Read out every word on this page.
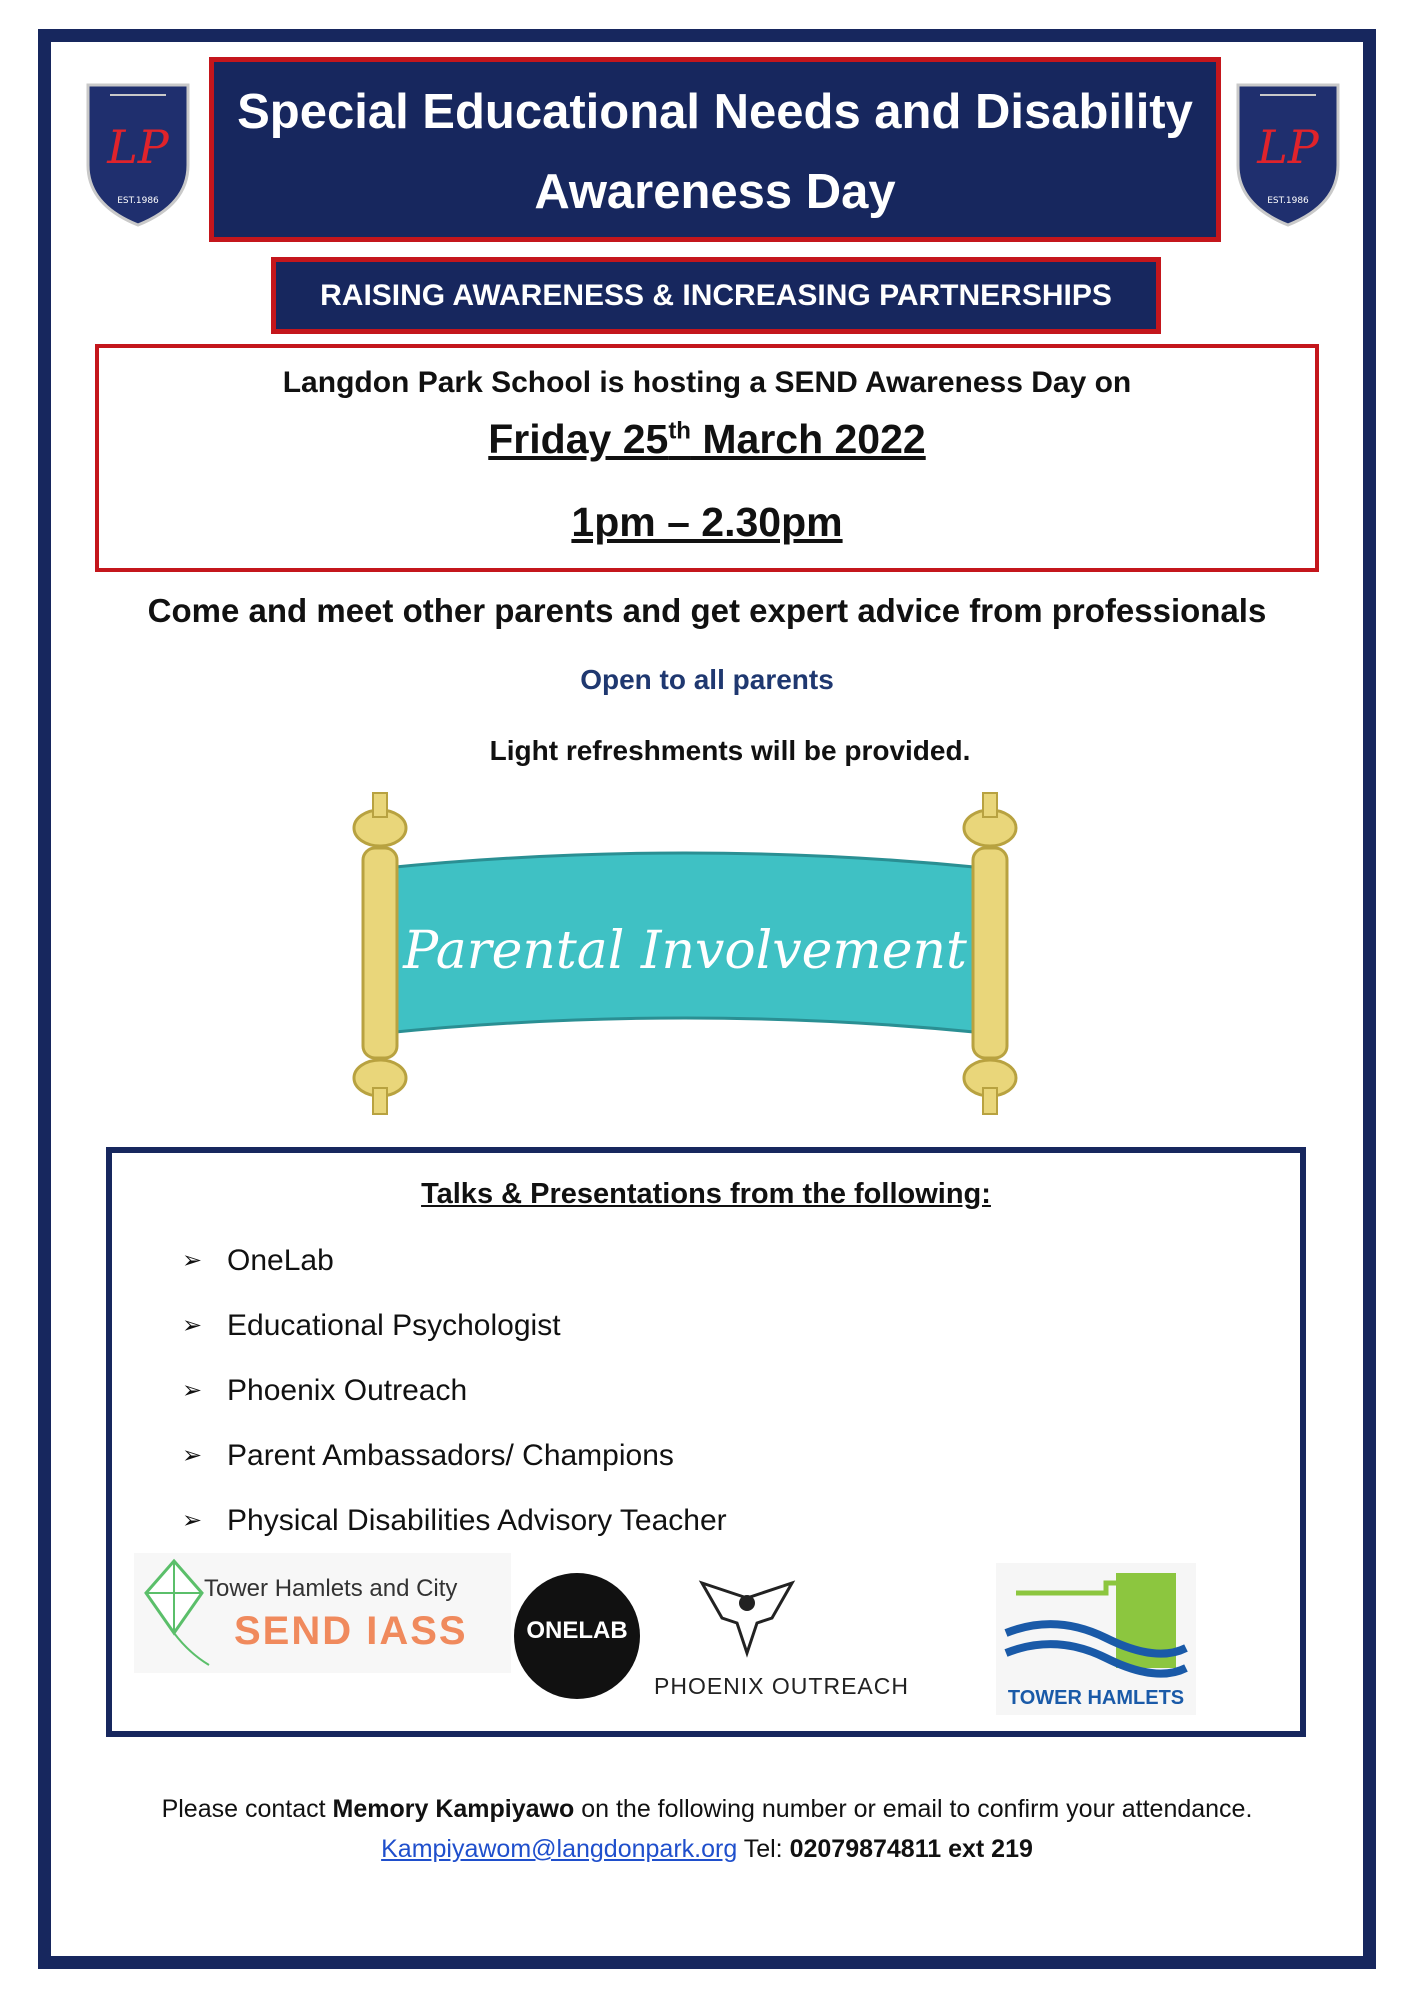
LP
EST.1986
LP
EST.1986
Special Educational Needs and Disability
Awareness Day
RAISING AWARENESS & INCREASING PARTNERSHIPS
Langdon Park School is hosting a SEND Awareness Day on
Friday 25th March 2022
1pm – 2.30pm
Come and meet other parents and get expert advice from professionals
Open to all parents
Light refreshments will be provided.
Parental Involvement
Talks & Presentations from the following:
➢ OneLab
➢ Educational Psychologist
➢ Phoenix Outreach
➢ Parent Ambassadors/ Champions
➢ Physical Disabilities Advisory Teacher
Tower Hamlets and City
SEND IASS	ONELAB
PHOENIX OUTREACH	TOWER HAMLETS
Please contact Memory Kampiyawo on the following number or email to confirm your attendance.
Kampiyawom@langdonpark.org Tel: 02079874811 ext 219
